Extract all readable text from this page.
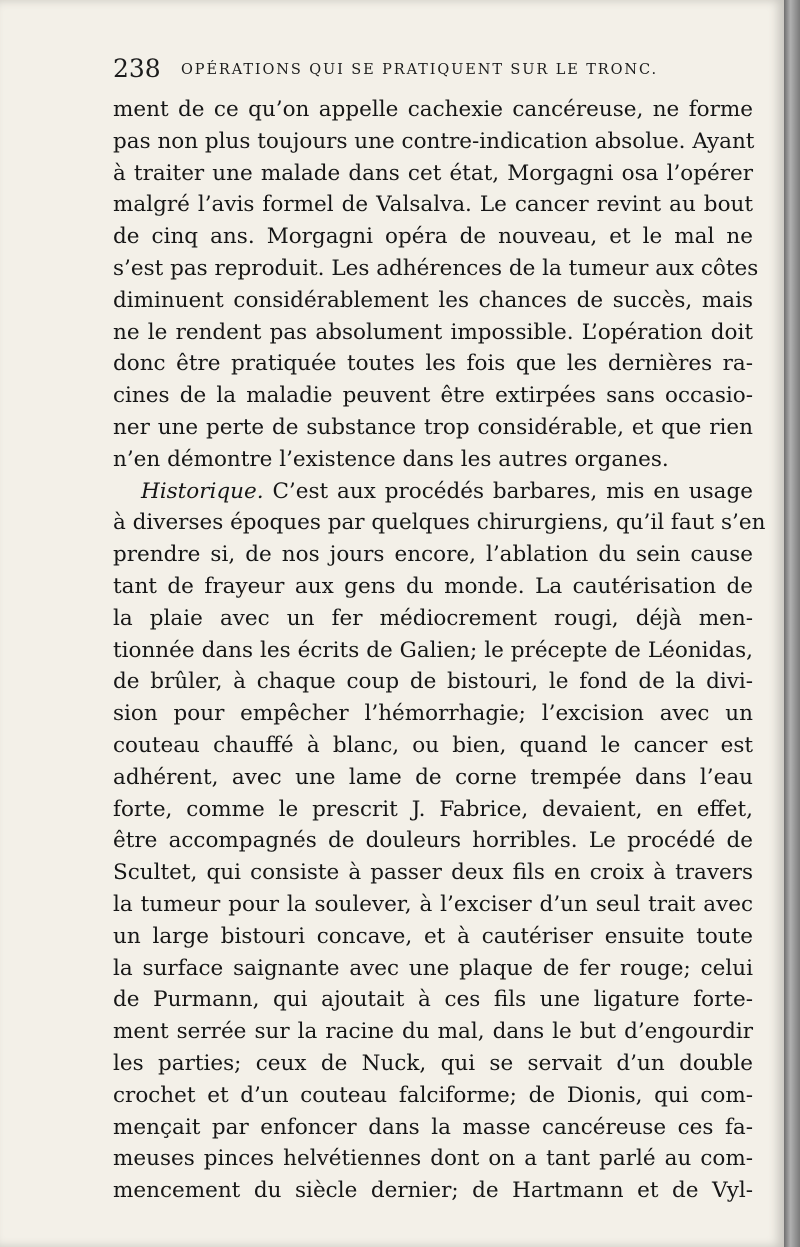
238 OPÉRATIONS QUI SE PRATIQUENT SUR LE TRONC.
ment de ce qu’on appelle cachexie cancéreuse, ne forme
pas non plus toujours une contre-indication absolue. Ayant
à traiter une malade dans cet état, Morgagni osa l’opérer
malgré l’avis formel de Valsalva. Le cancer revint au bout
de cinq ans. Morgagni opéra de nouveau, et le mal ne
s’est pas reproduit. Les adhérences de la tumeur aux côtes
diminuent considérablement les chances de succès, mais
ne le rendent pas absolument impossible. L’opération doit
donc être pratiquée toutes les fois que les dernières ra-
cines de la maladie peuvent être extirpées sans occasio-
ner une perte de substance trop considérable, et que rien
n’en démontre l’existence dans les autres organes.
Historique. C’est aux procédés barbares, mis en usage
à diverses époques par quelques chirurgiens, qu’il faut s’en
prendre si, de nos jours encore, l’ablation du sein cause
tant de frayeur aux gens du monde. La cautérisation de
la plaie avec un fer médiocrement rougi, déjà men-
tionnée dans les écrits de Galien; le précepte de Léonidas,
de brûler, à chaque coup de bistouri, le fond de la divi-
sion pour empêcher l’hémorrhagie; l’excision avec un
couteau chauffé à blanc, ou bien, quand le cancer est
adhérent, avec une lame de corne trempée dans l’eau
forte, comme le prescrit J. Fabrice, devaient, en effet,
être accompagnés de douleurs horribles. Le procédé de
Scultet, qui consiste à passer deux fils en croix à travers
la tumeur pour la soulever, à l’exciser d’un seul trait avec
un large bistouri concave, et à cautériser ensuite toute
la surface saignante avec une plaque de fer rouge; celui
de Purmann, qui ajoutait à ces fils une ligature forte-
ment serrée sur la racine du mal, dans le but d’engourdir
les parties; ceux de Nuck, qui se servait d’un double
crochet et d’un couteau falciforme; de Dionis, qui com-
mençait par enfoncer dans la masse cancéreuse ces fa-
meuses pinces helvétiennes dont on a tant parlé au com-
mencement du siècle dernier; de Hartmann et de Vyl-
